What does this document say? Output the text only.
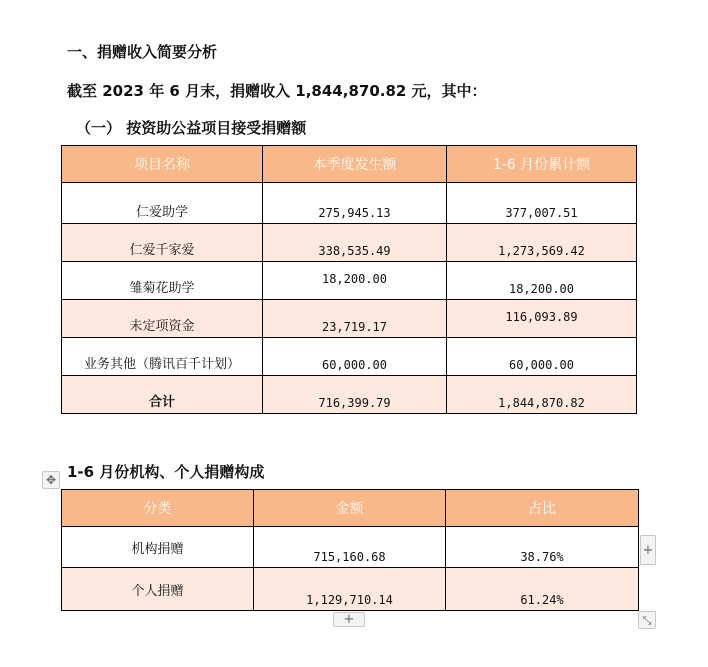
一、捐赠收入简要分析
截至 2023 年 6 月末，捐赠收入 1,844,870.82 元，其中：
（一） 按资助公益项目接受捐赠额
项目名称	本季度发生额	1-6 月份累计额
仁爱助学	275,945.13	377,007.51
仁爱千家爱	338,535.49	1,273,569.42
雏菊花助学	18,200.00	18,200.00
未定项资金	23,719.17	116,093.89
业务其他（腾讯百千计划）	60,000.00	60,000.00
合计	716,399.79	1,844,870.82
✥ 1-6 月份机构、个人捐赠构成
分类	金额	占比
机构捐赠	715,160.68	38.76%
个人捐赠	1,129,710.14	61.24%
+
+	⤡
